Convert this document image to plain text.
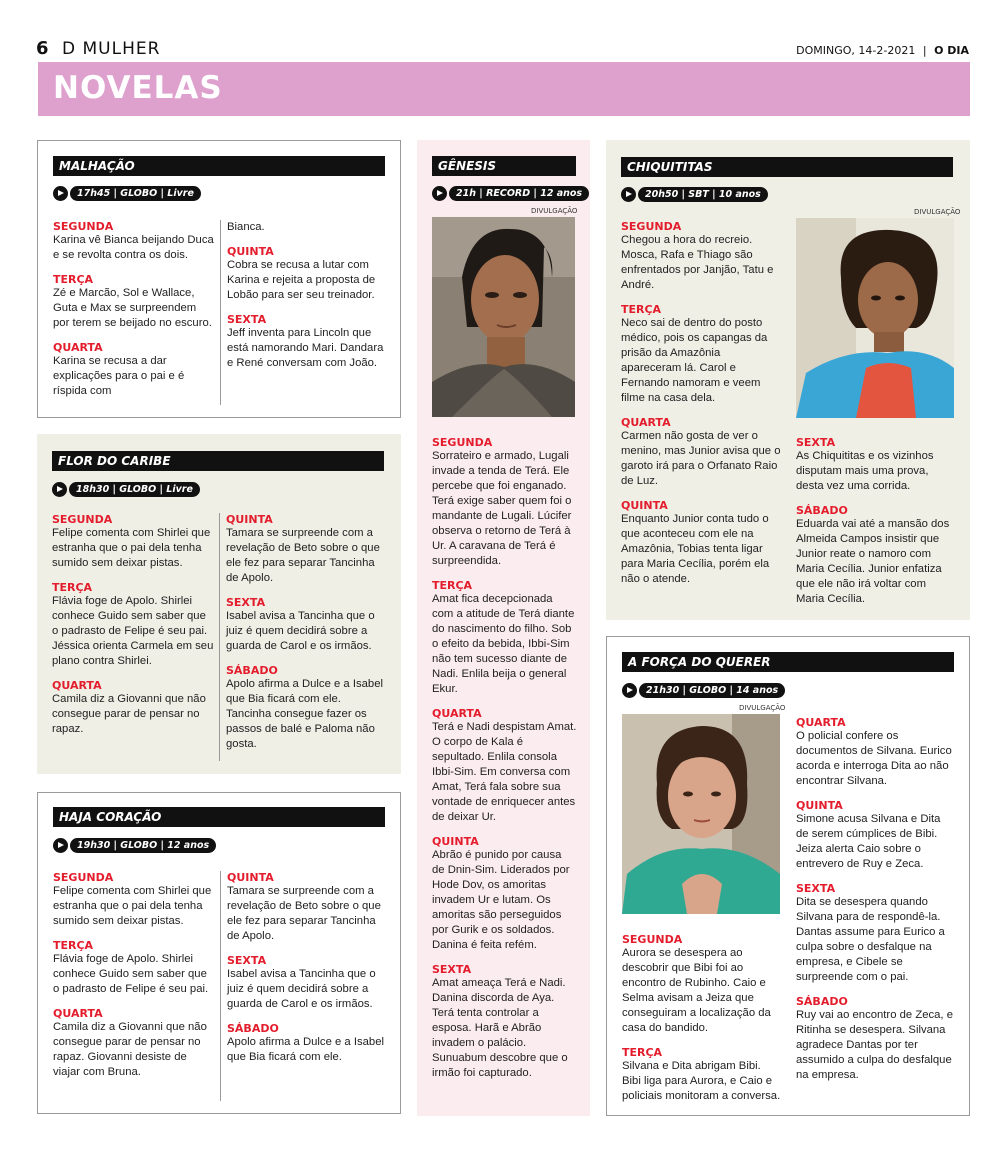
6 D MULHER	DOMINGO, 14-2-2021 | O DIA
NOVELAS
MALHAÇÃO
17h45 | GLOBO | Livre
SEGUNDA
Karina vê Bianca beijando Duca e se revolta contra os dois.
TERÇA
Zé e Marcão, Sol e Wallace, Guta e Max se surpreendem por terem se beijado no escuro.
QUARTA
Karina se recusa a dar explicações para o pai e é ríspida com
Bianca.
QUINTA
Cobra se recusa a lutar com Karina e rejeita a proposta de Lobão para ser seu treinador.
SEXTA
Jeff inventa para Lincoln que está namorando Mari. Dandara e René conversam com João.
FLOR DO CARIBE
18h30 | GLOBO | Livre
SEGUNDA
Felipe comenta com Shirlei que estranha que o pai dela tenha sumido sem deixar pistas.
TERÇA
Flávia foge de Apolo. Shirlei conhece Guido sem saber que o padrasto de Felipe é seu pai. Jéssica orienta Carmela em seu plano contra Shirlei.
QUARTA
Camila diz a Giovanni que não consegue parar de pensar no rapaz.
QUINTA
Tamara se surpreende com a revelação de Beto sobre o que ele fez para separar Tancinha de Apolo.
SEXTA
Isabel avisa a Tancinha que o juiz é quem decidirá sobre a guarda de Carol e os irmãos.
SÁBADO
Apolo afirma a Dulce e a Isabel que Bia ficará com ele. Tancinha consegue fazer os passos de balé e Paloma não gosta.
HAJA CORAÇÃO
19h30 | GLOBO | 12 anos
SEGUNDA
Felipe comenta com Shirlei que estranha que o pai dela tenha sumido sem deixar pistas.
TERÇA
Flávia foge de Apolo. Shirlei conhece Guido sem saber que o padrasto de Felipe é seu pai.
QUARTA
Camila diz a Giovanni que não consegue parar de pensar no rapaz. Giovanni desiste de viajar com Bruna.
QUINTA
Tamara se surpreende com a revelação de Beto sobre o que ele fez para separar Tancinha de Apolo.
SEXTA
Isabel avisa a Tancinha que o juiz é quem decidirá sobre a guarda de Carol e os irmãos.
SÁBADO
Apolo afirma a Dulce e a Isabel que Bia ficará com ele.
GÊNESIS
21h | RECORD | 12 anos
DIVULGAÇÃO
SEGUNDA
Sorrateiro e armado, Lugali invade a tenda de Terá. Ele percebe que foi enganado. Terá exige saber quem foi o mandante de Lugali. Lúcifer observa o retorno de Terá à Ur. A caravana de Terá é surpreendida.
TERÇA
Amat fica decepcionada com a atitude de Terá diante do nascimento do filho. Sob o efeito da bebida, Ibbi-Sim não tem sucesso diante de Nadi. Enlila beija o general Ekur.
QUARTA
Terá e Nadi despistam Amat. O corpo de Kala é sepultado. Enlila consola Ibbi-Sim. Em conversa com Amat, Terá fala sobre sua vontade de enriquecer antes de deixar Ur.
QUINTA
Abrão é punido por causa de Dnin-Sim. Liderados por Hode Dov, os amoritas invadem Ur e lutam. Os amoritas são perseguidos por Gurik e os soldados. Danina é feita refém.
SEXTA
Amat ameaça Terá e Nadi. Danina discorda de Aya. Terá tenta controlar a esposa. Harã e Abrão invadem o palácio. Sunuabum descobre que o irmão foi capturado.
CHIQUITITAS
20h50 | SBT | 10 anos
SEGUNDA
Chegou a hora do recreio. Mosca, Rafa e Thiago são enfrentados por Janjão, Tatu e André.
TERÇA
Neco sai de dentro do posto médico, pois os capangas da prisão da Amazônia apareceram lá. Carol e Fernando namoram e veem filme na casa dela.
QUARTA
Carmen não gosta de ver o menino, mas Junior avisa que o garoto irá para o Orfanato Raio de Luz.
QUINTA
Enquanto Junior conta tudo o que aconteceu com ele na Amazônia, Tobias tenta ligar para Maria Cecília, porém ela não o atende.
DIVULGAÇÃO
SEXTA
As Chiquititas e os vizinhos disputam mais uma prova, desta vez uma corrida.
SÁBADO
Eduarda vai até a mansão dos Almeida Campos insistir que Junior reate o namoro com Maria Cecília. Junior enfatiza que ele não irá voltar com Maria Cecília.
A FORÇA DO QUERER
21h30 | GLOBO | 14 anos
DIVULGAÇÃO
SEGUNDA
Aurora se desespera ao descobrir que Bibi foi ao encontro de Rubinho. Caio e Selma avisam a Jeiza que conseguiram a localização da casa do bandido.
TERÇA
Silvana e Dita abrigam Bibi. Bibi liga para Aurora, e Caio e policiais monitoram a conversa.
QUARTA
O policial confere os documentos de Silvana. Eurico acorda e interroga Dita ao não encontrar Silvana.
QUINTA
Simone acusa Silvana e Dita de serem cúmplices de Bibi. Jeiza alerta Caio sobre o entrevero de Ruy e Zeca.
SEXTA
Dita se desespera quando Silvana para de respondê-la. Dantas assume para Eurico a culpa sobre o desfalque na empresa, e Cibele se surpreende com o pai.
SÁBADO
Ruy vai ao encontro de Zeca, e Ritinha se desespera. Silvana agradece Dantas por ter assumido a culpa do desfalque na empresa.
